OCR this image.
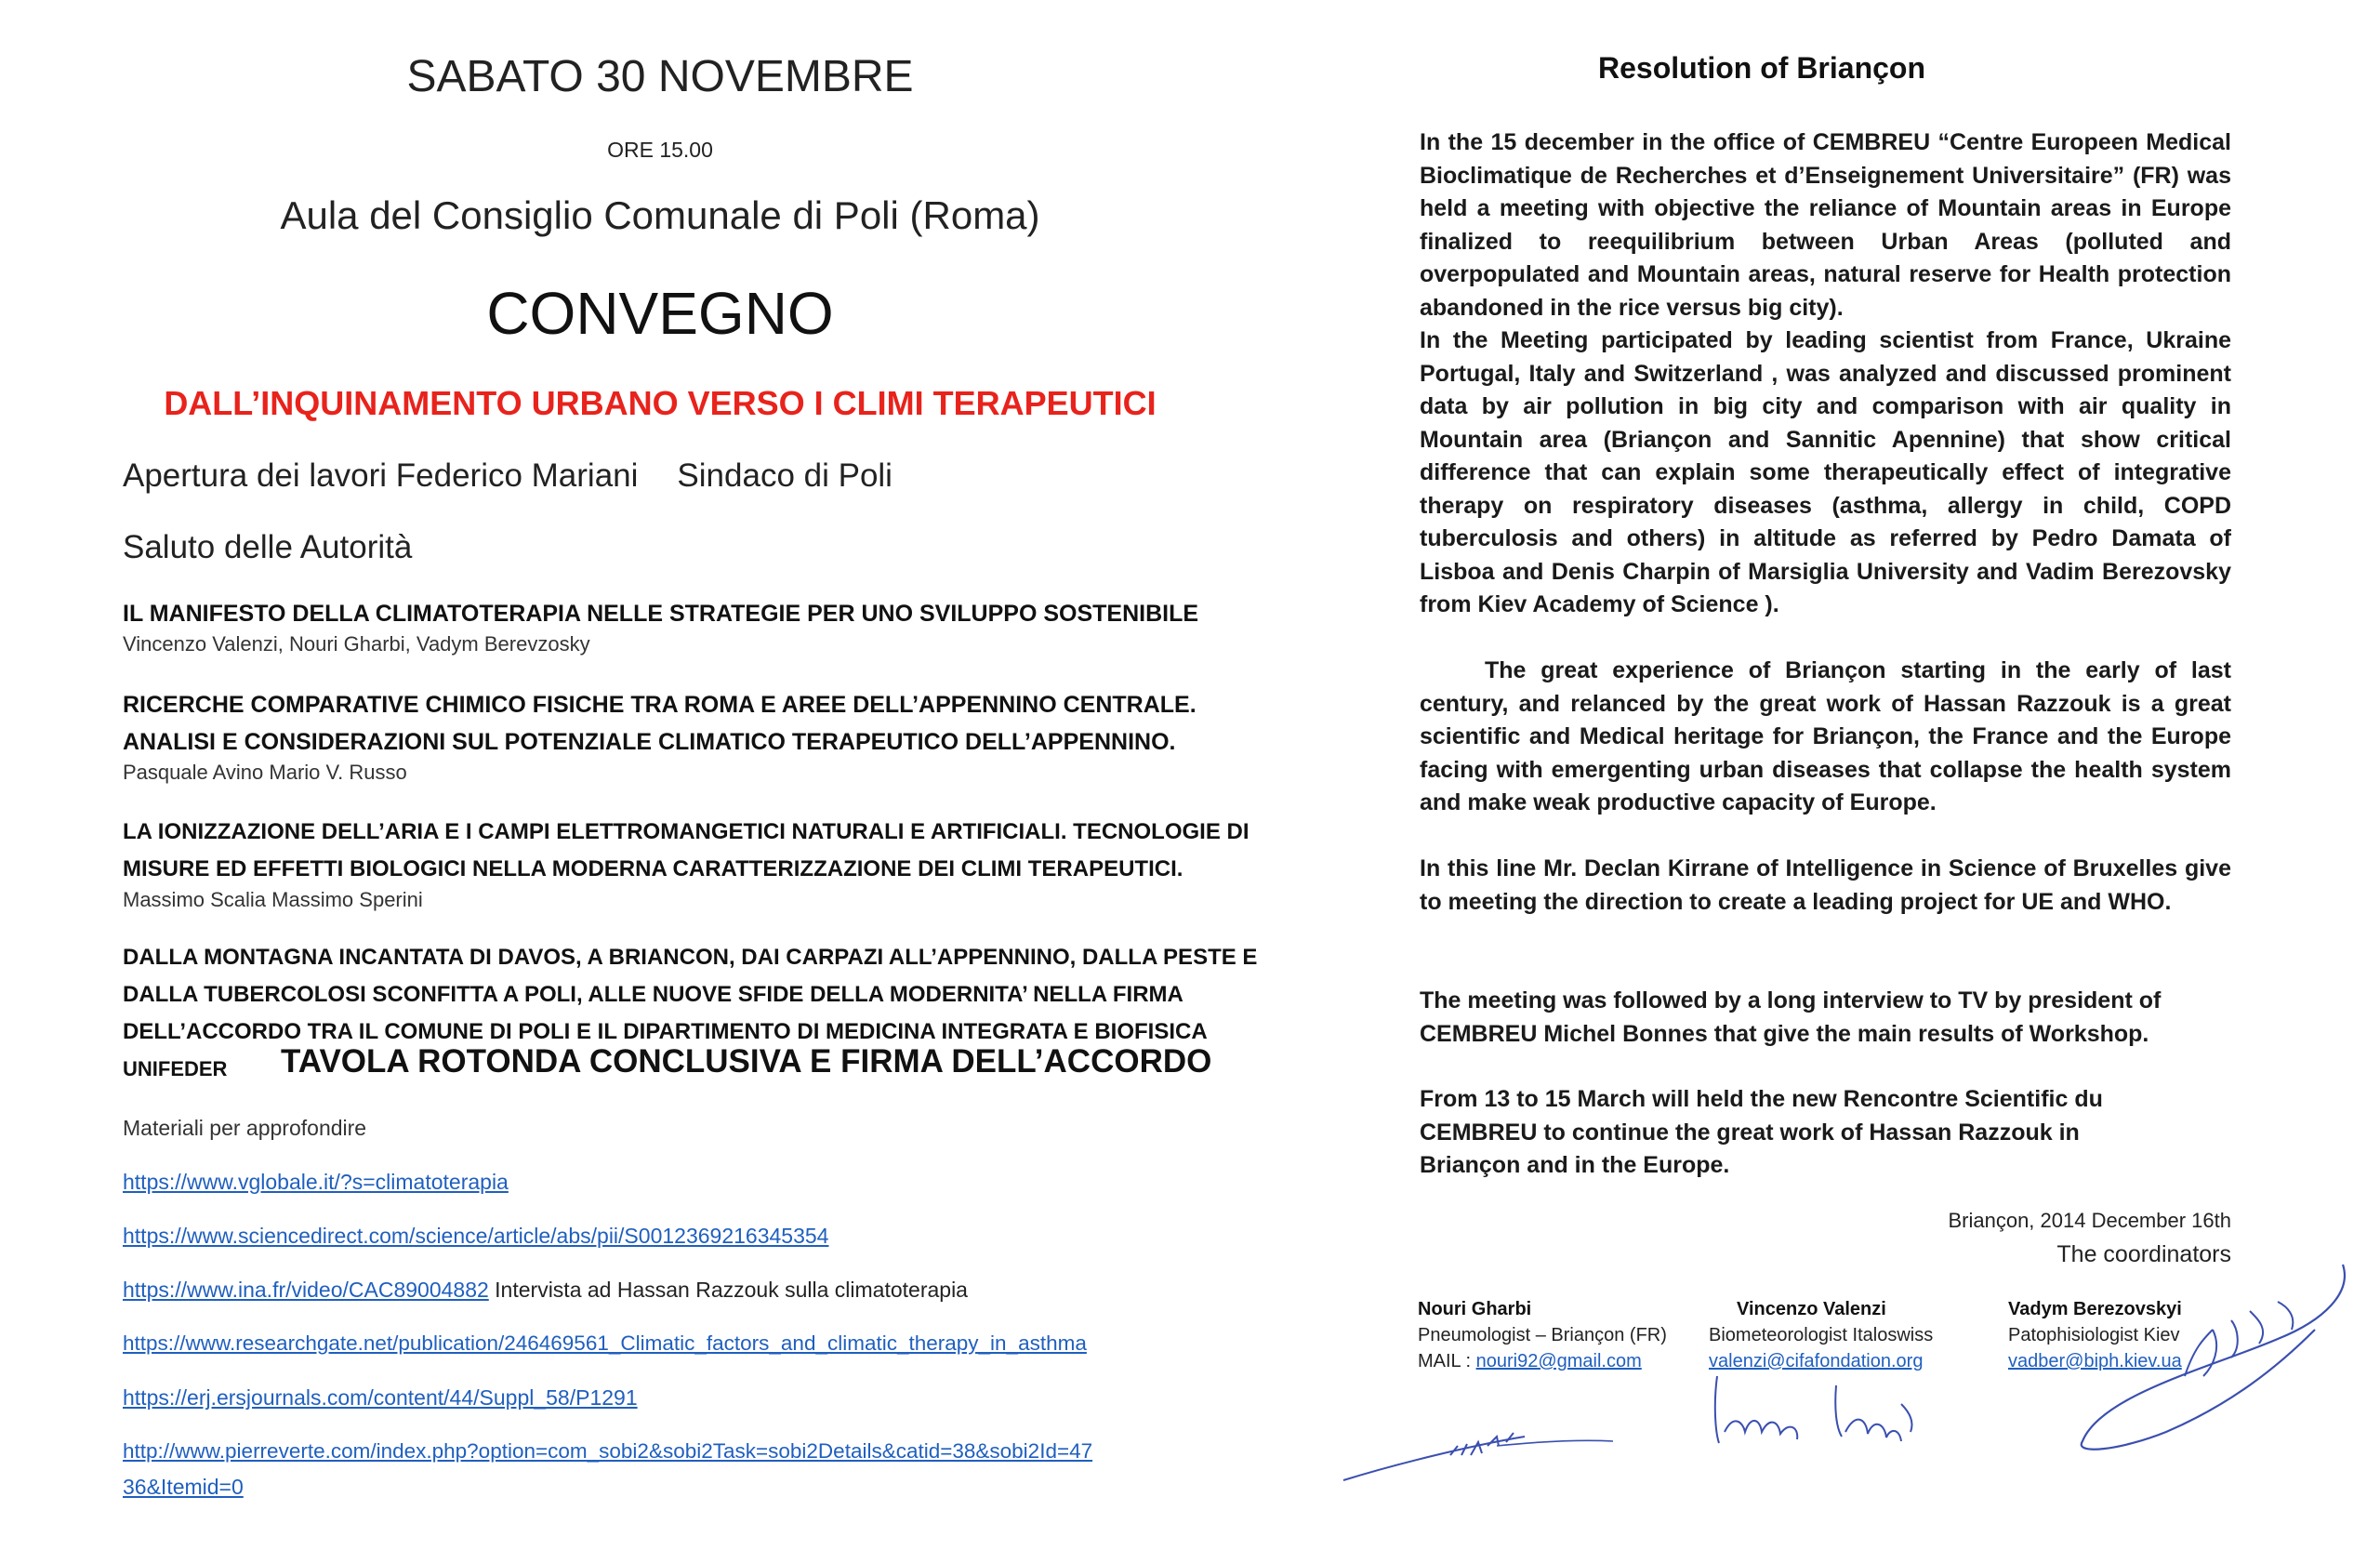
SABATO 30 NOVEMBRE

ORE 15.00

Aula del Consiglio Comunale di Poli (Roma)

CONVEGNO

DALL’INQUINAMENTO URBANO VERSO I CLIMI TERAPEUTICI

Apertura dei lavori Federico Mariani Sindaco di Poli

Saluto delle Autorità

IL MANIFESTO DELLA CLIMATOTERAPIA NELLE STRATEGIE PER UNO SVILUPPO SOSTENIBILE
Vincenzo Valenzi, Nouri Gharbi, Vadym Berevzosky
RICERCHE COMPARATIVE CHIMICO FISICHE TRA ROMA E AREE DELL’APPENNINO CENTRALE.
ANALISI E CONSIDERAZIONI SUL POTENZIALE CLIMATICO TERAPEUTICO DELL’APPENNINO.
Pasquale Avino Mario V. Russo
LA IONIZZAZIONE DELL’ARIA E I CAMPI ELETTROMANGETICI NATURALI E ARTIFICIALI. TECNOLOGIE DI
MISURE ED EFFETTI BIOLOGICI NELLA MODERNA CARATTERIZZAZIONE DEI CLIMI TERAPEUTICI.
Massimo Scalia Massimo Sperini
DALLA MONTAGNA INCANTATA DI DAVOS, A BRIANCON, DAI CARPAZI ALL’APPENNINO, DALLA PESTE E
DALLA TUBERCOLOSI SCONFITTA A POLI, ALLE NUOVE SFIDE DELLA MODERNITA’ NELLA FIRMA
DELL’ACCORDO TRA IL COMUNE DI POLI E IL DIPARTIMENTO DI MEDICINA INTEGRATA E BIOFISICA

UNIFEDER TAVOLA ROTONDA CONCLUSIVA E FIRMA DELL’ACCORDO

Materiali per approfondire

https://www.vglobale.it/?s=climatoterapia

https://www.sciencedirect.com/science/article/abs/pii/S0012369216345354

https://www.ina.fr/video/CAC89004882 Intervista ad Hassan Razzouk sulla climatoterapia

https://www.researchgate.net/publication/246469561_Climatic_factors_and_climatic_therapy_in_asthma

https://erj.ersjournals.com/content/44/Suppl_58/P1291

http://www.pierreverte.com/index.php?option=com_sobi2&sobi2Task=sobi2Details&catid=38&sobi2Id=47

36&Itemid=0

Resolution of Briançon

In the 15 december in the office of CEMBREU “Centre Europeen Medical Bioclimatique de Recherches et d’Enseignement Universitaire” (FR) was held a meeting with objective the reliance of Mountain areas in Europe finalized to reequilibrium between Urban Areas (polluted and overpopulated and Mountain areas, natural reserve for Health protection abandoned in the rice versus big city).

In the Meeting participated by leading scientist from France, Ukraine Portugal, Italy and Switzerland , was analyzed and discussed prominent data by air pollution in big city and comparison with air quality in Mountain area (Briançon and Sannitic Apennine) that show critical difference that can explain some therapeutically effect of integrative therapy on respiratory diseases (asthma, allergy in child, COPD tuberculosis and others) in altitude as referred by Pedro Damata of Lisboa and Denis Charpin of Marsiglia University and Vadim Berezovsky from Kiev Academy of Science ).

The great experience of Briançon starting in the early of last century, and relanced by the great work of Hassan Razzouk is a great scientific and Medical heritage for Briançon, the France and the Europe facing with emergenting urban diseases that collapse the health system and make weak productive capacity of Europe.

In this line Mr. Declan Kirrane of Intelligence in Science of Bruxelles give to meeting the direction to create a leading project for UE and WHO.

The meeting was followed by a long interview to TV by president of CEMBREU Michel Bonnes that give the main results of Workshop.

From 13 to 15 March will held the new Rencontre Scientific du CEMBREU to continue the great work of Hassan Razzouk in Briançon and in the Europe.

Briançon, 2014 December 16th

The coordinators

Nouri Gharbi
Pneumologist – Briançon (FR)
MAIL : nouri92@gmail.com
Vincenzo Valenzi
Biometeorologist Italoswiss
valenzi@cifafondation.org
Vadym Berezovskyi
Patophisiologist Kiev
vadber@biph.kiev.ua
